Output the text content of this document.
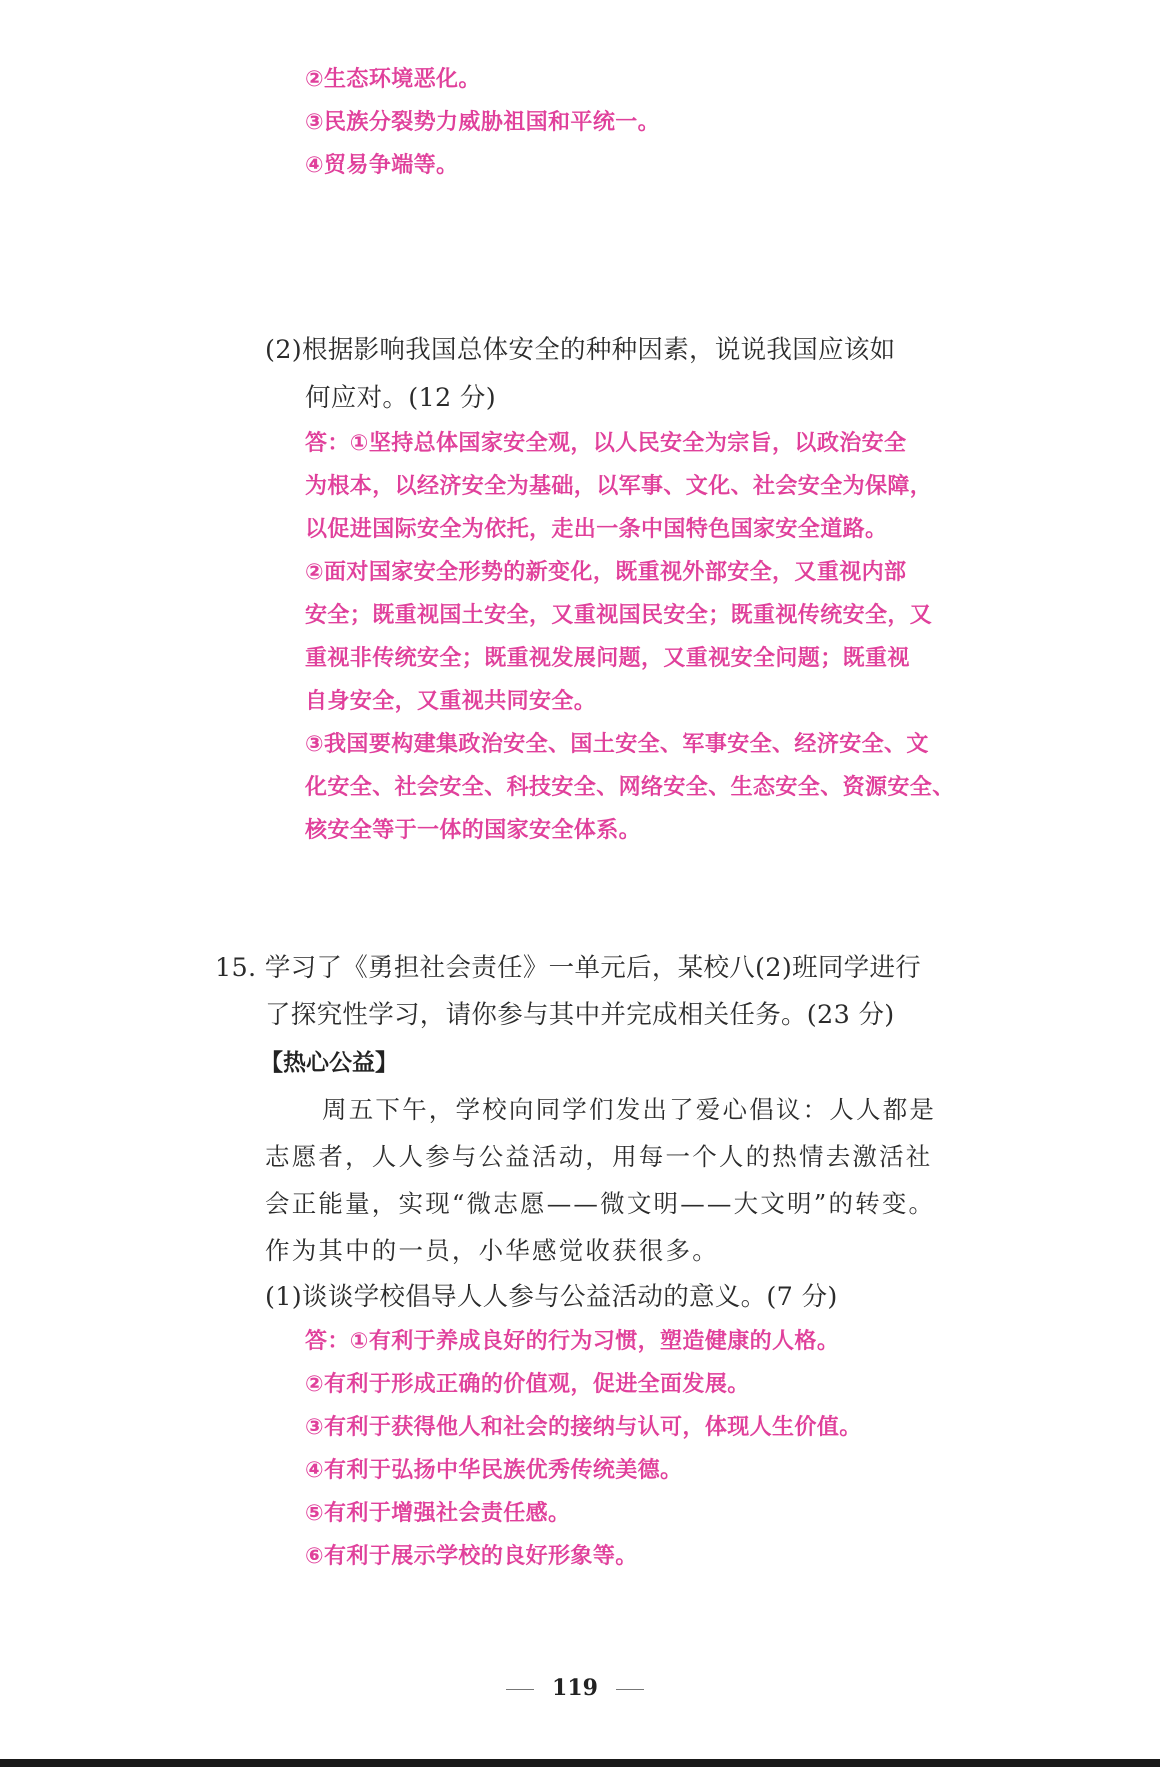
②生态环境恶化。
③民族分裂势力威胁祖国和平统一。
④贸易争端等。
(2)根据影响我国总体安全的种种因素，说说我国应该如
何应对。(12 分)
答：①坚持总体国家安全观，以人民安全为宗旨，以政治安全
为根本，以经济安全为基础，以军事、文化、社会安全为保障，
以促进国际安全为依托，走出一条中国特色国家安全道路。
②面对国家安全形势的新变化，既重视外部安全，又重视内部
安全；既重视国土安全，又重视国民安全；既重视传统安全，又
重视非传统安全；既重视发展问题，又重视安全问题；既重视
自身安全，又重视共同安全。
③我国要构建集政治安全、国土安全、军事安全、经济安全、文
化安全、社会安全、科技安全、网络安全、生态安全、资源安全、
核安全等于一体的国家安全体系。
15. 学习了《勇担社会责任》一单元后，某校八(2)班同学进行
了探究性学习，请你参与其中并完成相关任务。(23 分)
【热心公益】
周五下午，学校向同学们发出了爱心倡议：人人都是
志愿者，人人参与公益活动，用每一个人的热情去激活社
会正能量，实现“微志愿——微文明——大文明”的转变。
作为其中的一员，小华感觉收获很多。
(1)谈谈学校倡导人人参与公益活动的意义。(7 分)
答：①有利于养成良好的行为习惯，塑造健康的人格。
②有利于形成正确的价值观，促进全面发展。
③有利于获得他人和社会的接纳与认可，体现人生价值。
④有利于弘扬中华民族优秀传统美德。
⑤有利于增强社会责任感。
⑥有利于展示学校的良好形象等。
119
